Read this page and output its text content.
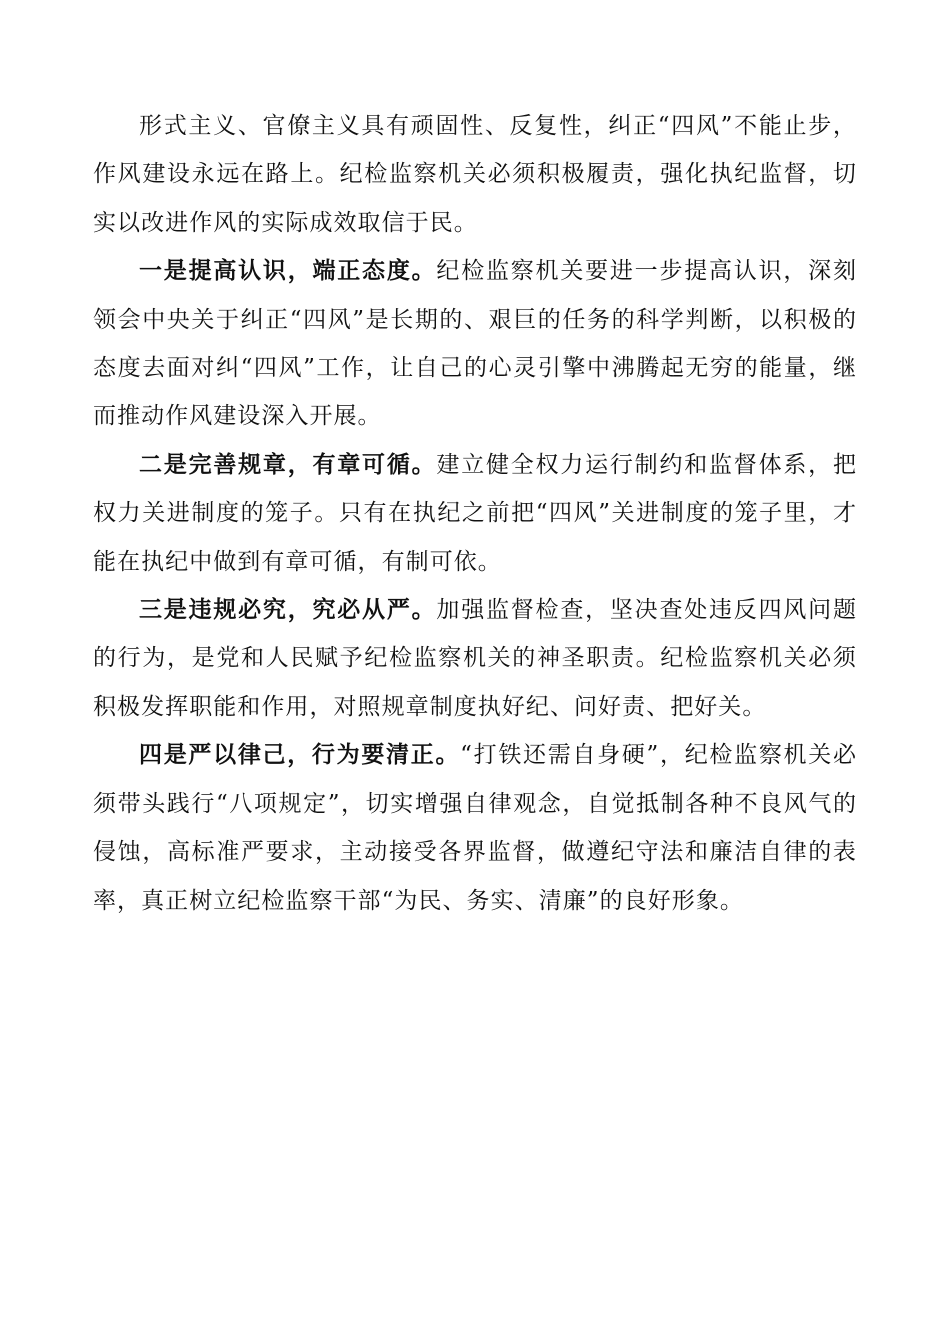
形式主义、官僚主义具有顽固性、反复性，纠正“四风”不能止步，作风建设永远在路上。纪检监察机关必须积极履责，强化执纪监督，切实以改进作风的实际成效取信于民。

一是提高认识，端正态度。纪检监察机关要进一步提高认识，深刻领会中央关于纠正“四风”是长期的、艰巨的任务的科学判断，以积极的态度去面对纠“四风”工作，让自己的心灵引擎中沸腾起无穷的能量，继而推动作风建设深入开展。

二是完善规章，有章可循。建立健全权力运行制约和监督体系，把权力关进制度的笼子。只有在执纪之前把“四风”关进制度的笼子里，才能在执纪中做到有章可循，有制可依。

三是违规必究，究必从严。加强监督检查，坚决查处违反四风问题的行为，是党和人民赋予纪检监察机关的神圣职责。纪检监察机关必须积极发挥职能和作用，对照规章制度执好纪、问好责、把好关。

四是严以律己，行为要清正。“打铁还需自身硬”，纪检监察机关必须带头践行“八项规定”，切实增强自律观念，自觉抵制各种不良风气的侵蚀，高标准严要求，主动接受各界监督，做遵纪守法和廉洁自律的表率，真正树立纪检监察干部“为民、务实、清廉”的良好形象。
